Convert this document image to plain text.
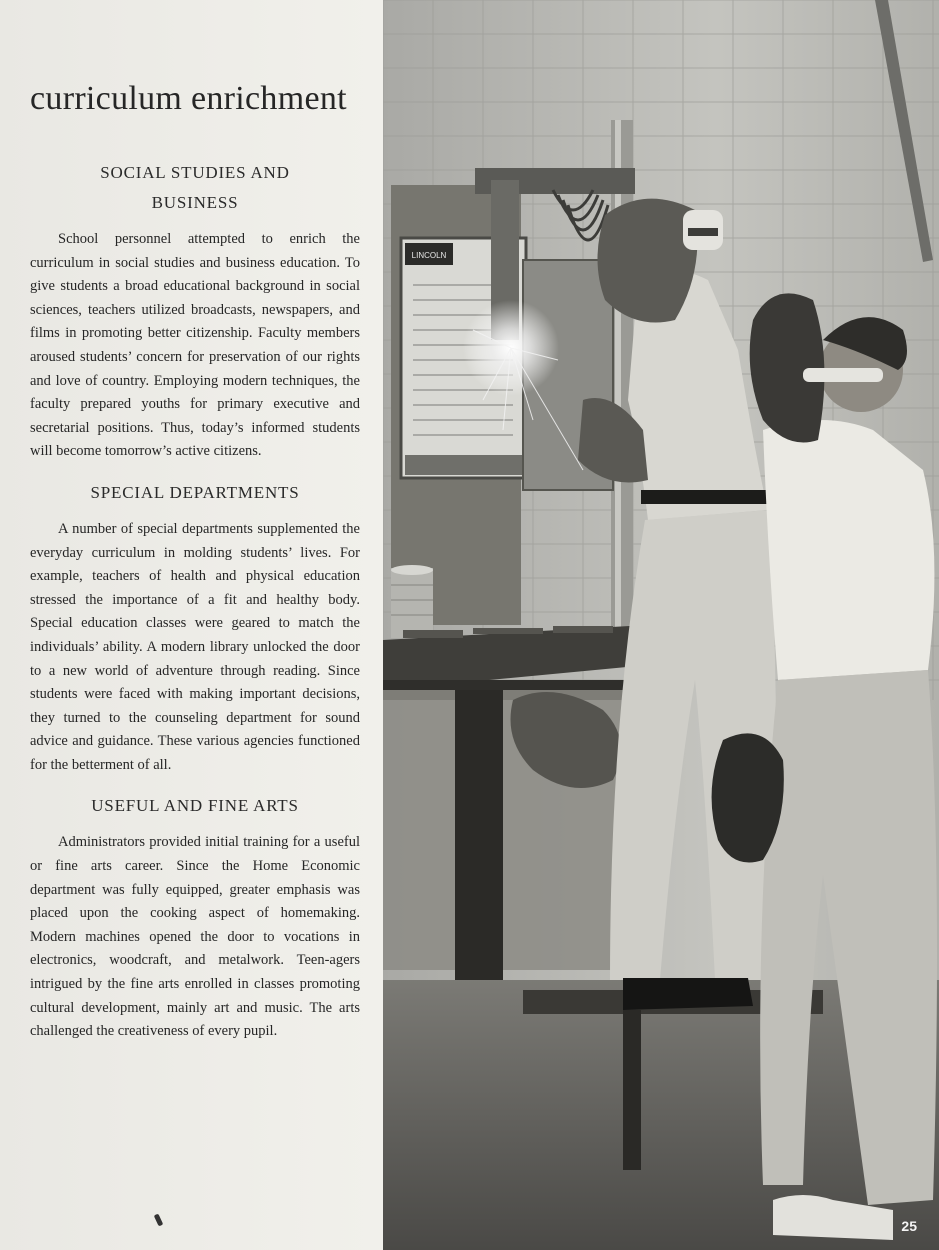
curriculum enrichment
SOCIAL STUDIES AND BUSINESS

School personnel attempted to enrich the curriculum in social studies and business education. To give students a broad educational background in social sciences, teachers utilized broadcasts, newspapers, and films in promoting better citizenship. Faculty members aroused students’ concern for preservation of our rights and love of country. Employing modern techniques, the faculty prepared youths for primary executive and secretarial positions. Thus, today’s informed students will become tomorrow’s active citizens.

SPECIAL DEPARTMENTS

A number of special departments supplemented the everyday curriculum in molding students’ lives. For example, teachers of health and physical education stressed the importance of a fit and healthy body. Special education classes were geared to match the individuals’ ability. A modern library unlocked the door to a new world of adventure through reading. Since students were faced with making important decisions, they turned to the counseling department for sound advice and guidance. These various agencies functioned for the betterment of all.

USEFUL AND FINE ARTS

Administrators provided initial training for a useful or fine arts career. Since the Home Economic department was fully equipped, greater emphasis was placed upon the cooking aspect of homemaking. Modern machines opened the door to vocations in electronics, woodcraft, and metalwork. Teen-agers intrigued by the fine arts enrolled in classes promoting cultural development, mainly art and music. The arts challenged the creativeness of every pupil.

LINCOLN
25
